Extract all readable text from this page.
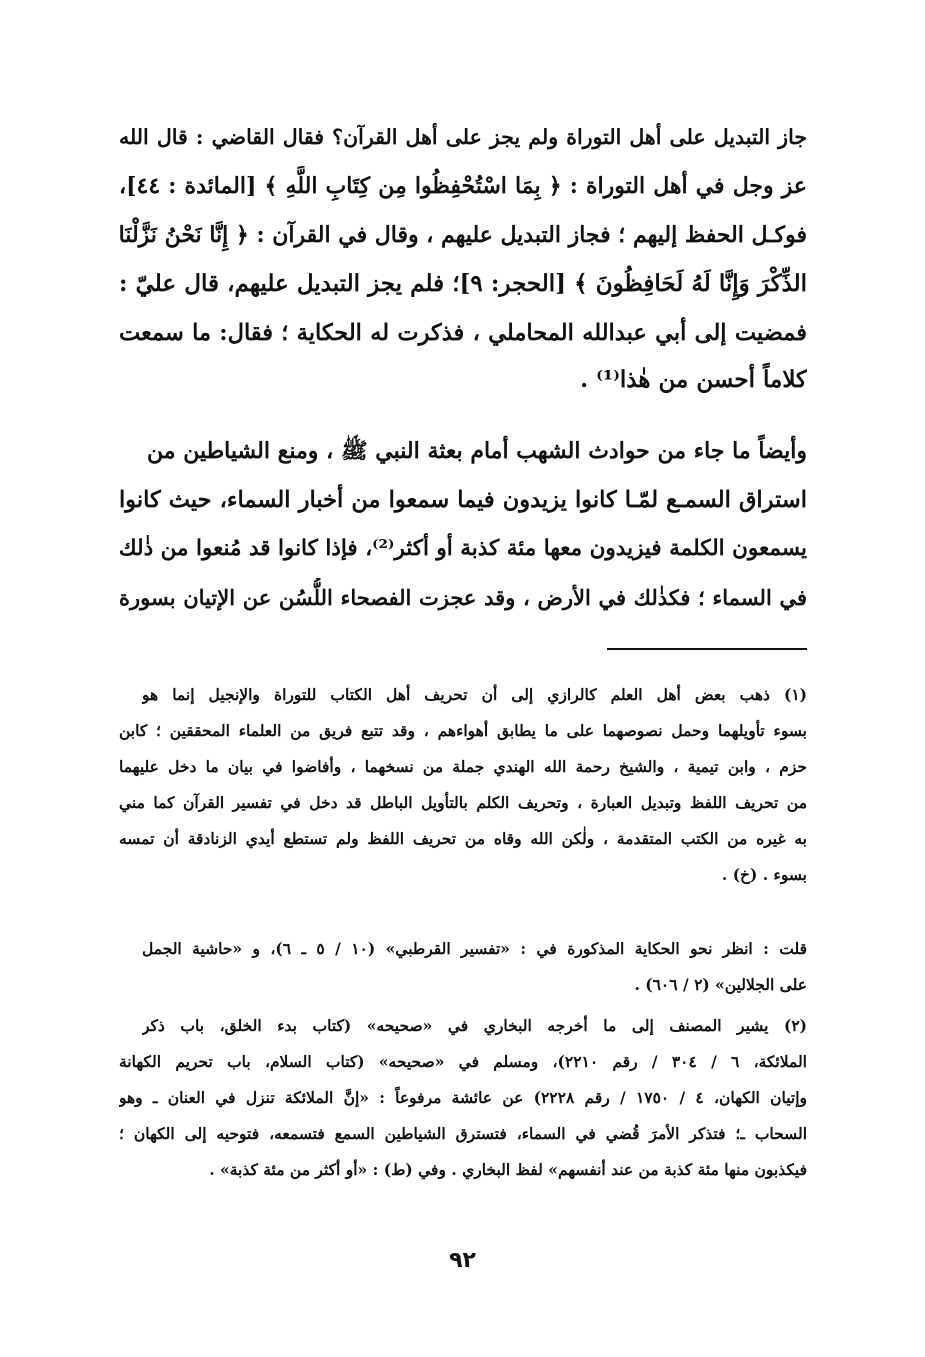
جاز التبديل على أهل التوراة ولم يجز على أهل القرآن؟ فقال القاضي : قال الله
عز وجل في أهل التوراة : ﴿ بِمَا اسْتُحْفِظُوا مِن كِتَابِ اللَّهِ ﴾ [المائدة : ٤٤]،
فوكـل الحفظ إليهم ؛ فجاز التبديل عليهم ، وقال في القرآن : ﴿ إِنَّا نَحْنُ نَزَّلْنَا
الذِّكْرَ وَإِنَّا لَهُ لَحَافِظُونَ ﴾ [الحجر: ٩]؛ فلم يجز التبديل عليهم، قال عليّ :
فمضيت إلى أبي عبدالله المحاملي ، فذكرت له الحكاية ؛ فقال: ما سمعت
كلاماً أحسن من هٰذا⁽¹⁾ .
وأيضاً ما جاء من حوادث الشهب أمام بعثة النبي ﷺ ، ومنع الشياطين من
استراق السمـع لمّـا كانوا يزيدون فيما سمعوا من أخبار السماء، حيث كانوا
يسمعون الكلمة فيزيدون معها مئة كذبة أو أكثر⁽²⁾، فإذا كانوا قد مُنعوا من ذٰلك
في السماء ؛ فكذٰلك في الأرض ، وقد عجزت الفصحاء اللُّسُن عن الإتيان بسورة
(١) ذهب بعض أهل العلم كالرازي إلى أن تحريف أهل الكتاب للتوراة والإنجيل إنما هو
بسوء تأويلهما وحمل نصوصهما على ما يطابق أهواءهم ، وقد تتبع فريق من العلماء المحققين ؛ كابن
حزم ، وابن تيمية ، والشيخ رحمة الله الهندي جملة من نسخهما ، وأفاضوا في بيان ما دخل عليهما
من تحريف اللفظ وتبديل العبارة ، وتحريف الكلم بالتأويل الباطل قد دخل في تفسير القرآن كما مني
به غيره من الكتب المتقدمة ، ولٰكن الله وقاه من تحريف اللفظ ولم تستطع أيدي الزنادقة أن تمسه
بسوء . (خ) .
قلت : انظر نحو الحكاية المذكورة في : «تفسير القرطبي» (١٠ / ٥ ـ ٦)، و «حاشية الجمل
على الجلالين» (٢ / ٦٠٦) .
(٢) يشير المصنف إلى ما أخرجه البخاري في «صحيحه» (كتاب بدء الخلق، باب ذكر
الملائكة، ٦ / ٣٠٤ / رقم ٢٢١٠)، ومسلم في «صحيحه» (كتاب السلام، باب تحريم الكهانة
وإتيان الكهان، ٤ / ١٧٥٠ / رقم ٢٢٢٨) عن عائشة مرفوعاً : «إنَّ الملائكة تنزل في العنان ـ وهو
السحاب ـ؛ فتذكر الأمرَ قُضي في السماء، فتسترق الشياطين السمع فتسمعه، فتوحيه إلى الكهان ؛
فيكذبون منها مئة كذبة من عند أنفسهم» لفظ البخاري . وفي (ط) : «أو أكثر من مئة كذبة» .
٩٢
